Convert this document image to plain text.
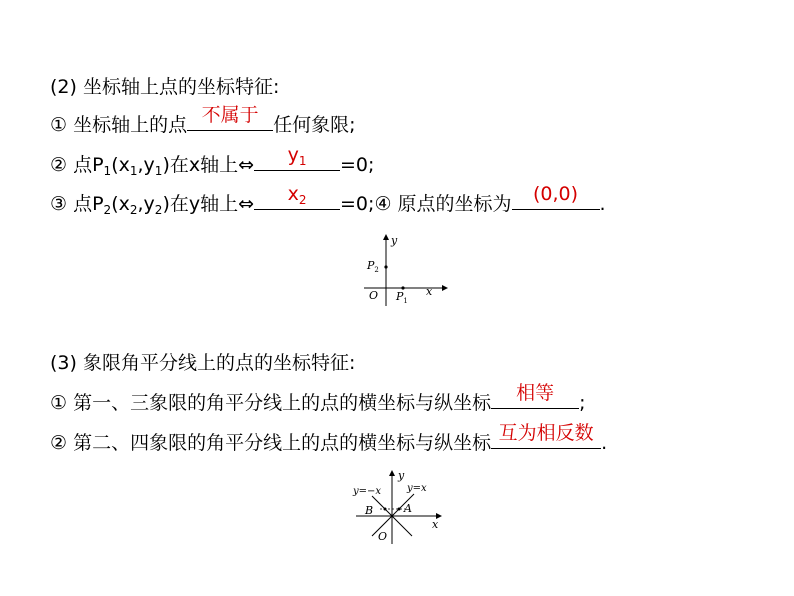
(2) 坐标轴上点的坐标特征:
① 坐标轴上的点 不属于 任何象限;
② 点$P_1(x_1,y_1)$在x轴上⇔	$y_1$	=0;
③ 点$P_2(x_2,y_2)$在y轴上⇔	$x_2$	=0;④ 原点的坐标为	(0,0)	.
y
x
O
$P_2$
$P_1$
(3) 象限角平分线上的点的坐标特征:
① 第一、三象限的角平分线上的点的横坐标与纵坐标	相等	;
② 第二、四象限的角平分线上的点的横坐标与纵坐标 互为相反数 .
y
x
O
y=−x	y=x
A
B
